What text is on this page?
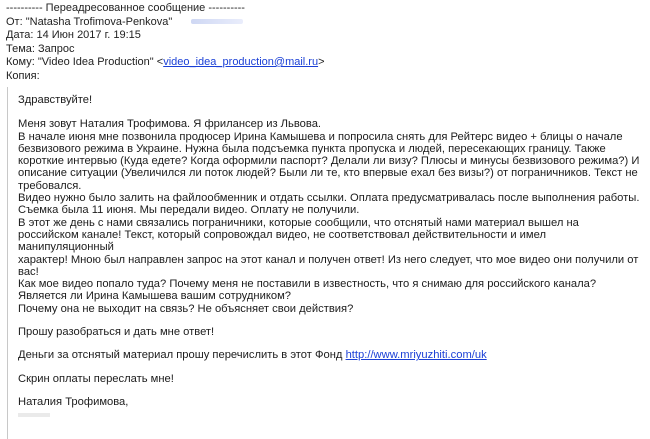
---------- Переадресованное сообщение ----------
От: "Natasha Trofimova-Penkova"
Дата: 14 Июн 2017 г. 19:15
Тема: Запрос
Кому: "Video Idea Production" <video_idea_production@mail.ru>
Копия:

Здравствуйте!

Меня зовут Наталия Трофимова. Я фрилансер из Львова.

В начале июня мне позвонила продюсер Ирина Камышева и попросила снять для Рейтерс видео + блицы о начале

безвизового режима в Украине. Нужна была подсъемка пункта пропуска и людей, пересекающих границу. Также

короткие интервью (Куда едете? Когда оформили паспорт? Делали ли визу? Плюсы и минусы безвизового режима?) И

описание ситуации (Увеличился ли поток людей? Были ли те, кто впервые ехал без визы?) от пограничников. Текст не

требовался.

Видео нужно было залить на файлообменник и отдать ссылки. Оплата предусматривалась после выполнения работы.

Съемка была 11 июня. Мы передали видео. Оплату не получили.

В этот же день с нами связались пограничники, которые сообщили, что отснятый нами материал вышел на

российском канале! Текст, который сопровождал видео, не соответствовал действительности и имел манипуляционный

характер! Мною был направлен запрос на этот канал и получен ответ! Из него следует, что мое видео они получили от

вас!

Как мое видео попало туда? Почему меня не поставили в известность, что я снимаю для российского канала?

Является ли Ирина Камышева вашим сотрудником?

Почему она не выходит на связь? Не объясняет свои действия?

Прошу разобраться и дать мне ответ!

Деньги за отснятый материал прошу перечислить в этот Фонд http://www.mriyuzhiti.com/uk

Скрин оплаты переслать мне!

Наталия Трофимова,
